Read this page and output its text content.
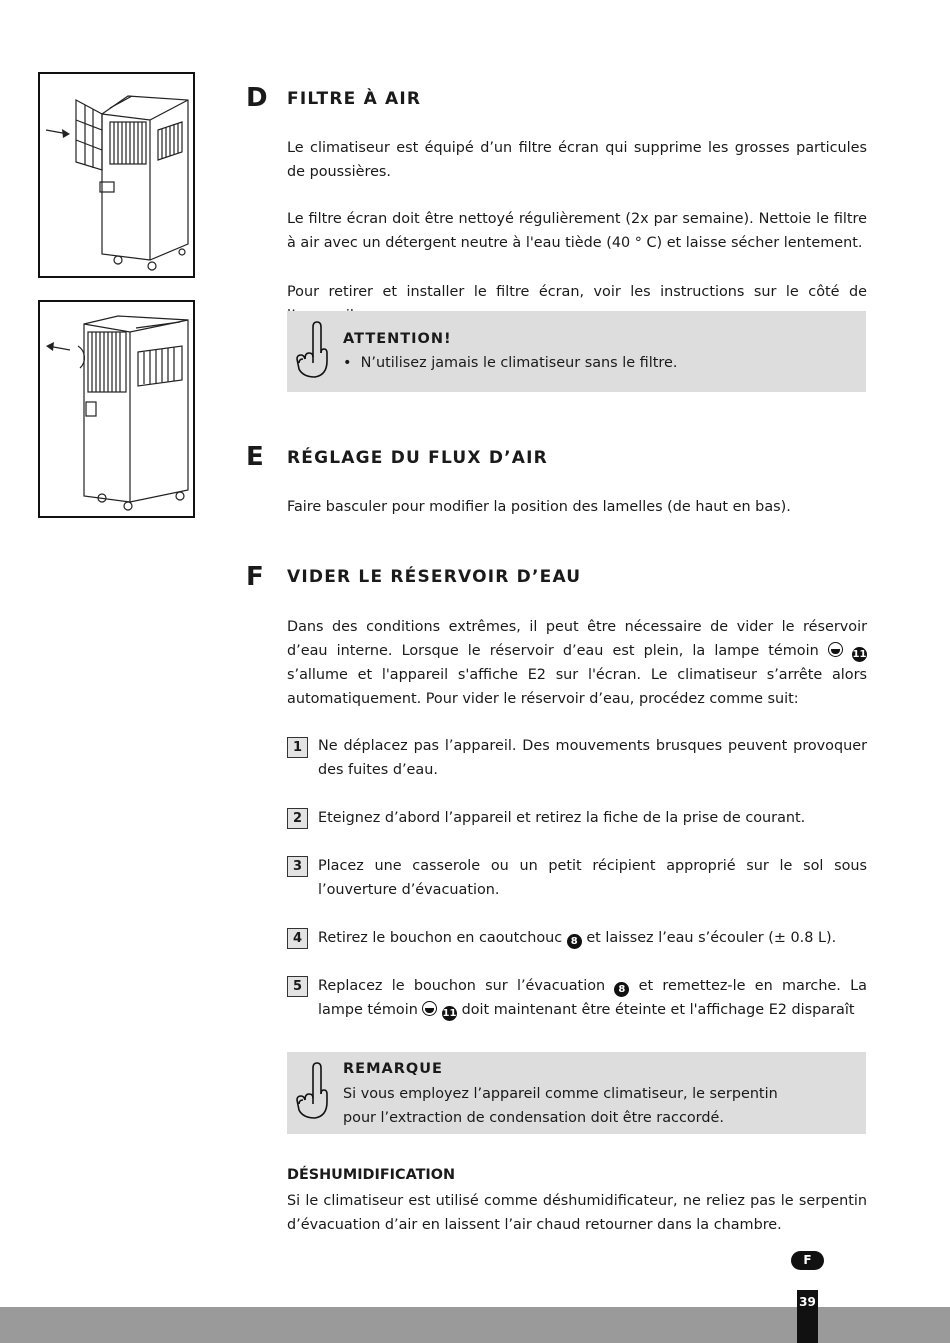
D FILTRE À AIR

Le climatiseur est équipé d’un filtre écran qui supprime les grosses particules de poussières.

Le filtre écran doit être nettoyé régulièrement (2x par semaine). Nettoie le filtre à air avec un détergent neutre à l'eau tiède (40 ° C) et laisse sécher lentement.

Pour retirer et installer le filtre écran, voir les instructions sur le côté de

ATTENTION!
• N’utilisez jamais le climatiseur sans le filtre.
E RÉGLAGE DU FLUX D’AIR

Faire basculer pour modifier la position des lamelles (de haut en bas).

F VIDER LE RÉSERVOIR D’EAU

Dans des conditions extrêmes, il peut être nécessaire de vider le réservoir d’eau interne. Lorsque le réservoir d’eau est plein, la lampe témoin	11 s’allume et l'appareil s'affiche E2 sur l'écran. Le climatiseur s’arrête alors automatiquement. Pour vider le réservoir d’eau, procédez comme suit:

1	Ne déplacez pas l’appareil. Des mouvements brusques peuvent provoquer des fuites d’eau.

2	Eteignez d’abord l’appareil et retirez la fiche de la prise de courant.

3	Placez une casserole ou un petit récipient approprié sur le sol sous l’ouverture d’évacuation.

4	Retirez le bouchon en caoutchouc 8 et laissez l’eau s’écouler (± 0.8 L).

5	Replacez le bouchon sur l’évacuation 8 et remettez-le en marche. La lampe témoin 11 doit maintenant être éteinte et l'affichage E2 disparaît

REMARQUE
Si vous employez l’appareil comme climatiseur, le serpentin pour l’extraction de condensation doit être raccordé.
DÉSHUMIDIFICATION

Si le climatiseur est utilisé comme déshumidificateur, ne reliez pas le serpentin d’évacuation d’air en laissent l’air chaud retourner dans la chambre.

F
39
